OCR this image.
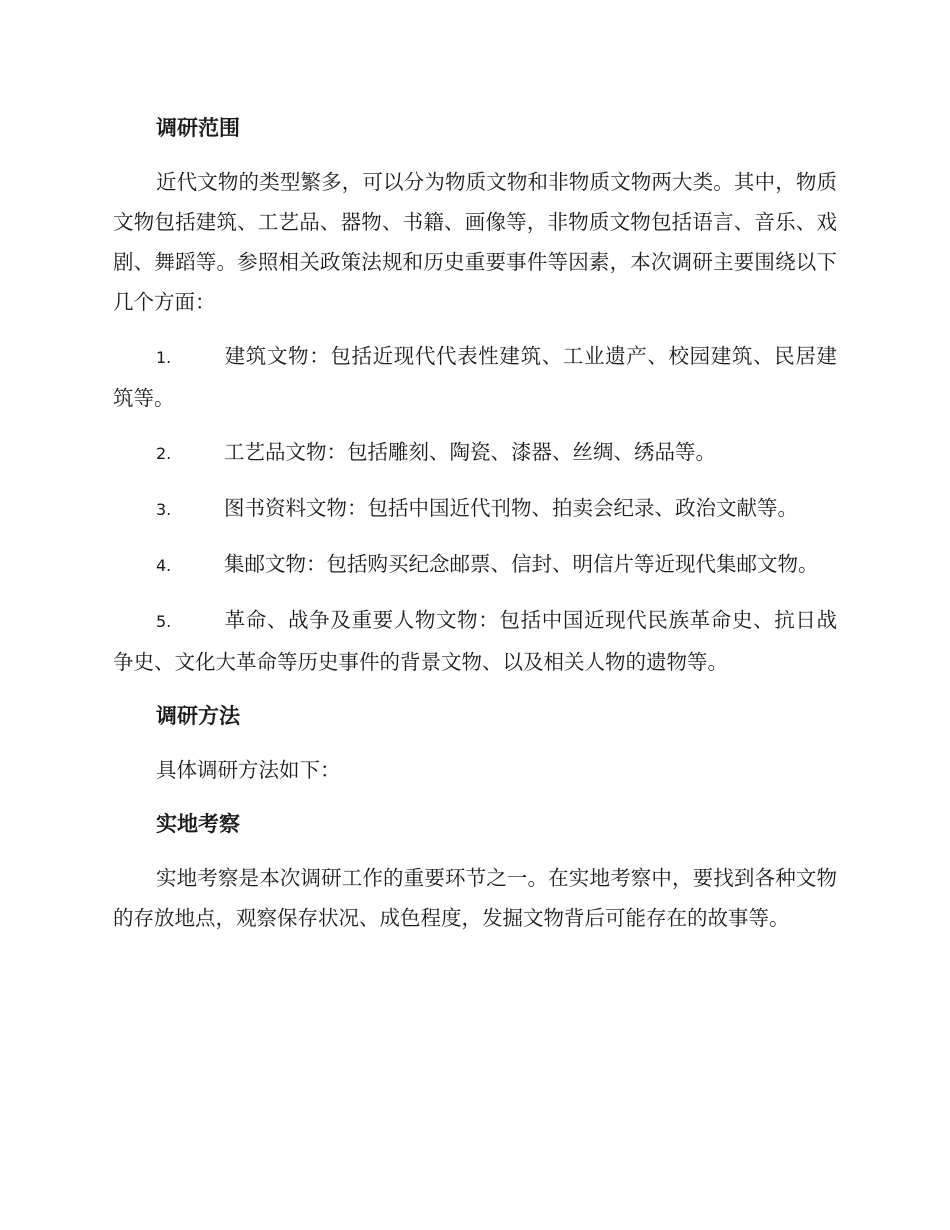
调研范围

近代文物的类型繁多，可以分为物质文物和非物质文物两大类。其中，物质文物包括建筑、工艺品、器物、书籍、画像等，非物质文物包括语言、音乐、戏剧、舞蹈等。参照相关政策法规和历史重要事件等因素，本次调研主要围绕以下几个方面：

1.	建筑文物：包括近现代代表性建筑、工业遗产、校园建筑、民居建筑等。

2.	工艺品文物：包括雕刻、陶瓷、漆器、丝绸、绣品等。

3.	图书资料文物：包括中国近代刊物、拍卖会纪录、政治文献等。

4.	集邮文物：包括购买纪念邮票、信封、明信片等近现代集邮文物。

5.	革命、战争及重要人物文物：包括中国近现代民族革命史、抗日战争史、文化大革命等历史事件的背景文物、以及相关人物的遗物等。

调研方法

具体调研方法如下：

实地考察

实地考察是本次调研工作的重要环节之一。在实地考察中，要找到各种文物的存放地点，观察保存状况、成色程度，发掘文物背后可能存在的故事等。
